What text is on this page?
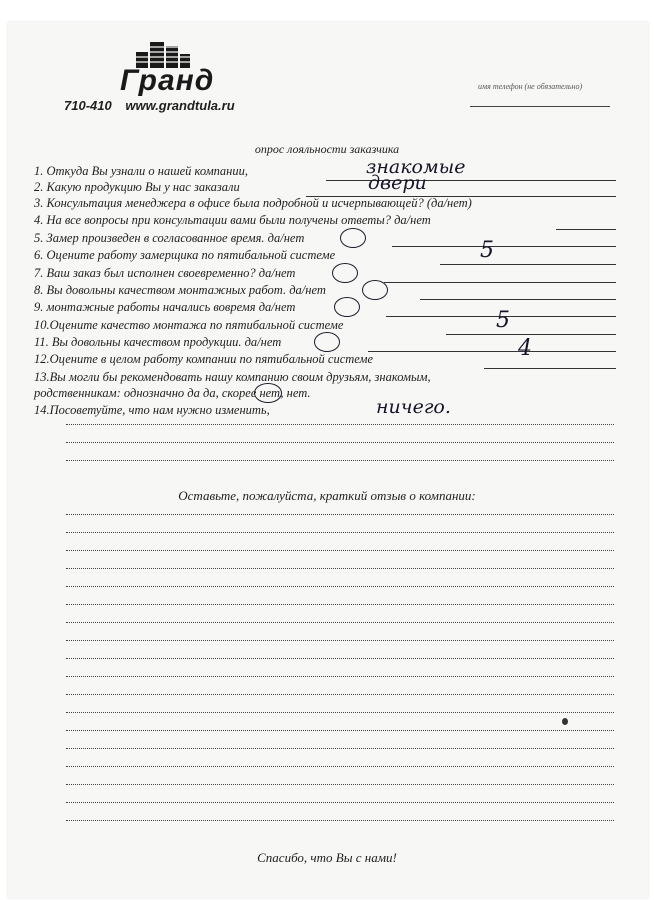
Гранд
710-410 www.grandtula.ru
имя телефон (не обязательно)
опрос лояльности заказчика
1. Откуда Вы узнали о нашей компании,	знакомые
2. Какую продукцию Вы у нас заказали	двери
3. Консультация менеджера в офисе была подробной и исчерпывающей? (да/нет)
4. На все вопросы при консультации вами были получены ответы? да/нет
5. Замер произведен в согласованное время. да/нет
6. Оцените работу замерщика по пятибальной системе	5
7. Ваш заказ был исполнен своевременно? да/нет
8. Вы довольны качеством монтажных работ. да/нет
9. монтажные работы начались вовремя да/нет
10.Оцените качество монтажа по пятибальной системе	5
11. Вы довольны качеством продукции. да/нет
12.Оцените в целом работу компании по пятибальной системе	4
13.Вы могли бы рекомендовать нашу компанию своим друзьям, знакомым,
родственникам: однозначно да да, скорее нет, нет.
14.Посоветуйте, что нам нужно изменить,	ничего.
Оставьте, пожалуйста, краткий отзыв о компании:
Спасибо, что Вы с нами!
